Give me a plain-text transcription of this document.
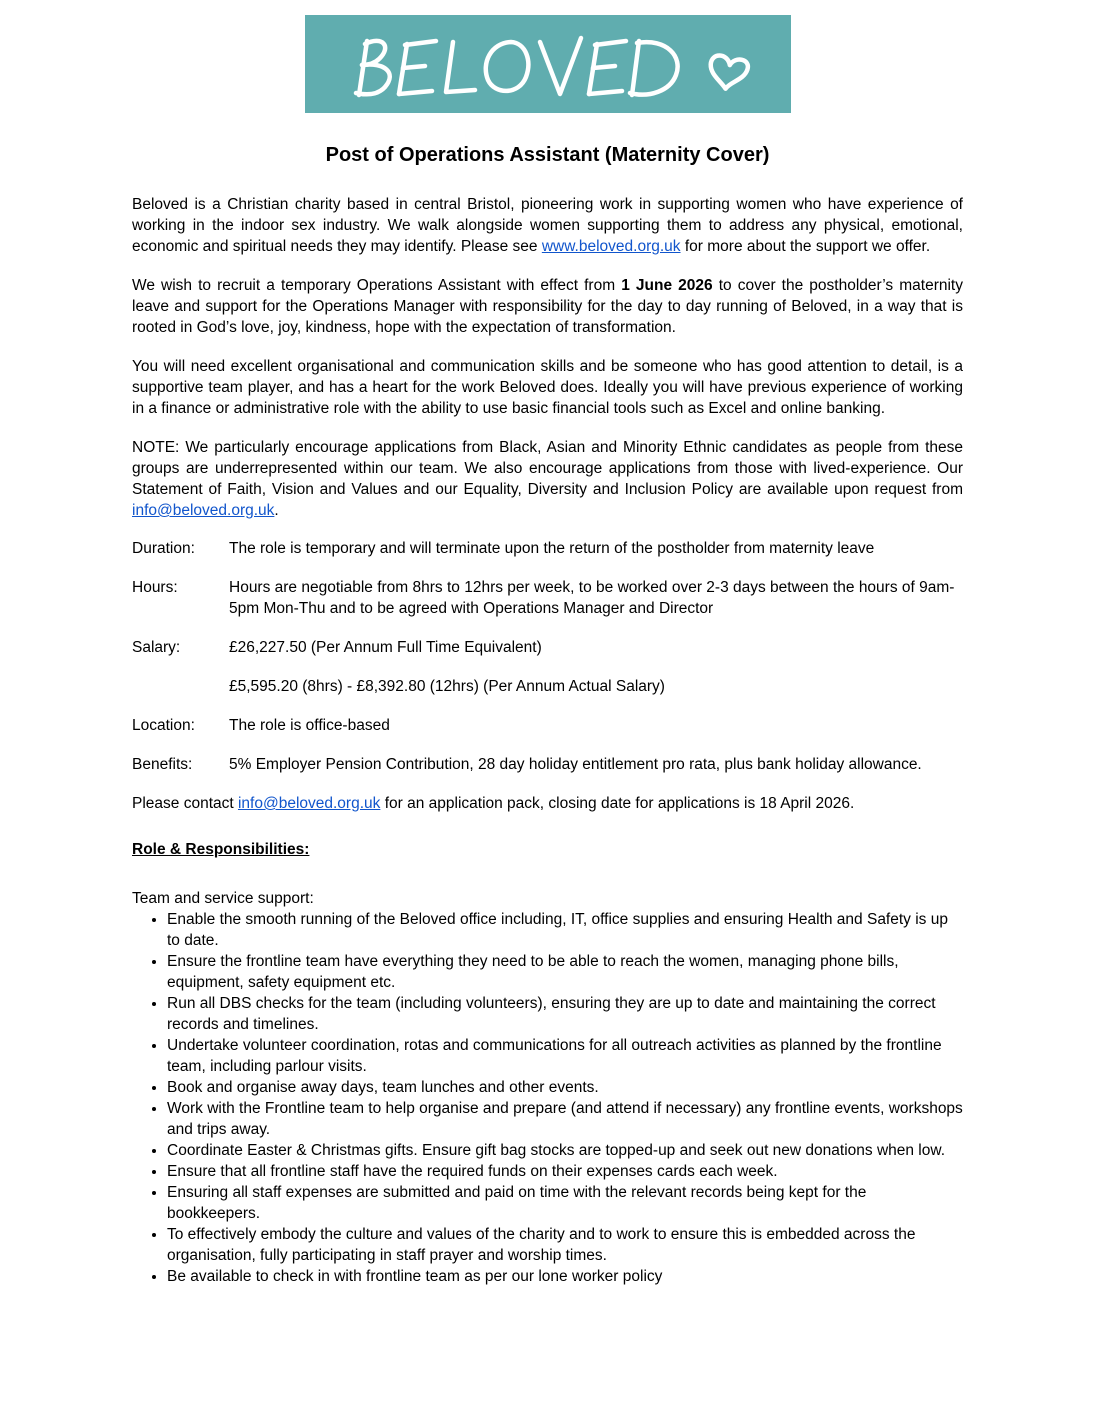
Post of Operations Assistant (Maternity Cover)

Beloved is a Christian charity based in central Bristol, pioneering work in supporting women who have experience of working in the indoor sex industry. We walk alongside women supporting them to address any physical, emotional, economic and spiritual needs they may identify. Please see www.beloved.org.uk for more about the support we offer.

We wish to recruit a temporary Operations Assistant with effect from 1 June 2026 to cover the postholder’s maternity leave and support for the Operations Manager with responsibility for the day to day running of Beloved, in a way that is rooted in God’s love, joy, kindness, hope with the expectation of transformation.

You will need excellent organisational and communication skills and be someone who has good attention to detail, is a supportive team player, and has a heart for the work Beloved does. Ideally you will have previous experience of working in a finance or administrative role with the ability to use basic financial tools such as Excel and online banking.

NOTE: We particularly encourage applications from Black, Asian and Minority Ethnic candidates as people from these groups are underrepresented within our team. We also encourage applications from those with lived-experience. Our Statement of Faith, Vision and Values and our Equality, Diversity and Inclusion Policy are available upon request from info@beloved.org.uk.

Duration:	The role is temporary and will terminate upon the return of the postholder from maternity leave
Hours:	Hours are negotiable from 8hrs to 12hrs per week, to be worked over 2-3 days between the hours of 9am-5pm Mon-Thu and to be agreed with Operations Manager and Director
Salary:	£26,227.50 (Per Annum Full Time Equivalent)
£5,595.20 (8hrs) - £8,392.80 (12hrs) (Per Annum Actual Salary)
Location:	The role is office-based
Benefits:	5% Employer Pension Contribution, 28 day holiday entitlement pro rata, plus bank holiday allowance.

Please contact info@beloved.org.uk for an application pack, closing date for applications is 18 April 2026.

Role & Responsibilities:
Team and service support:
• Enable the smooth running of the Beloved office including, IT, office supplies and ensuring Health and Safety is up to date.
• Ensure the frontline team have everything they need to be able to reach the women, managing phone bills, equipment, safety equipment etc.
• Run all DBS checks for the team (including volunteers), ensuring they are up to date and maintaining the correct records and timelines.
• Undertake volunteer coordination, rotas and communications for all outreach activities as planned by the frontline team, including parlour visits.
• Book and organise away days, team lunches and other events.
• Work with the Frontline team to help organise and prepare (and attend if necessary) any frontline events, workshops and trips away.
• Coordinate Easter & Christmas gifts. Ensure gift bag stocks are topped-up and seek out new donations when low.
• Ensure that all frontline staff have the required funds on their expenses cards each week.
• Ensuring all staff expenses are submitted and paid on time with the relevant records being kept for the bookkeepers.
• To effectively embody the culture and values of the charity and to work to ensure this is embedded across the organisation, fully participating in staff prayer and worship times.
• Be available to check in with frontline team as per our lone worker policy
